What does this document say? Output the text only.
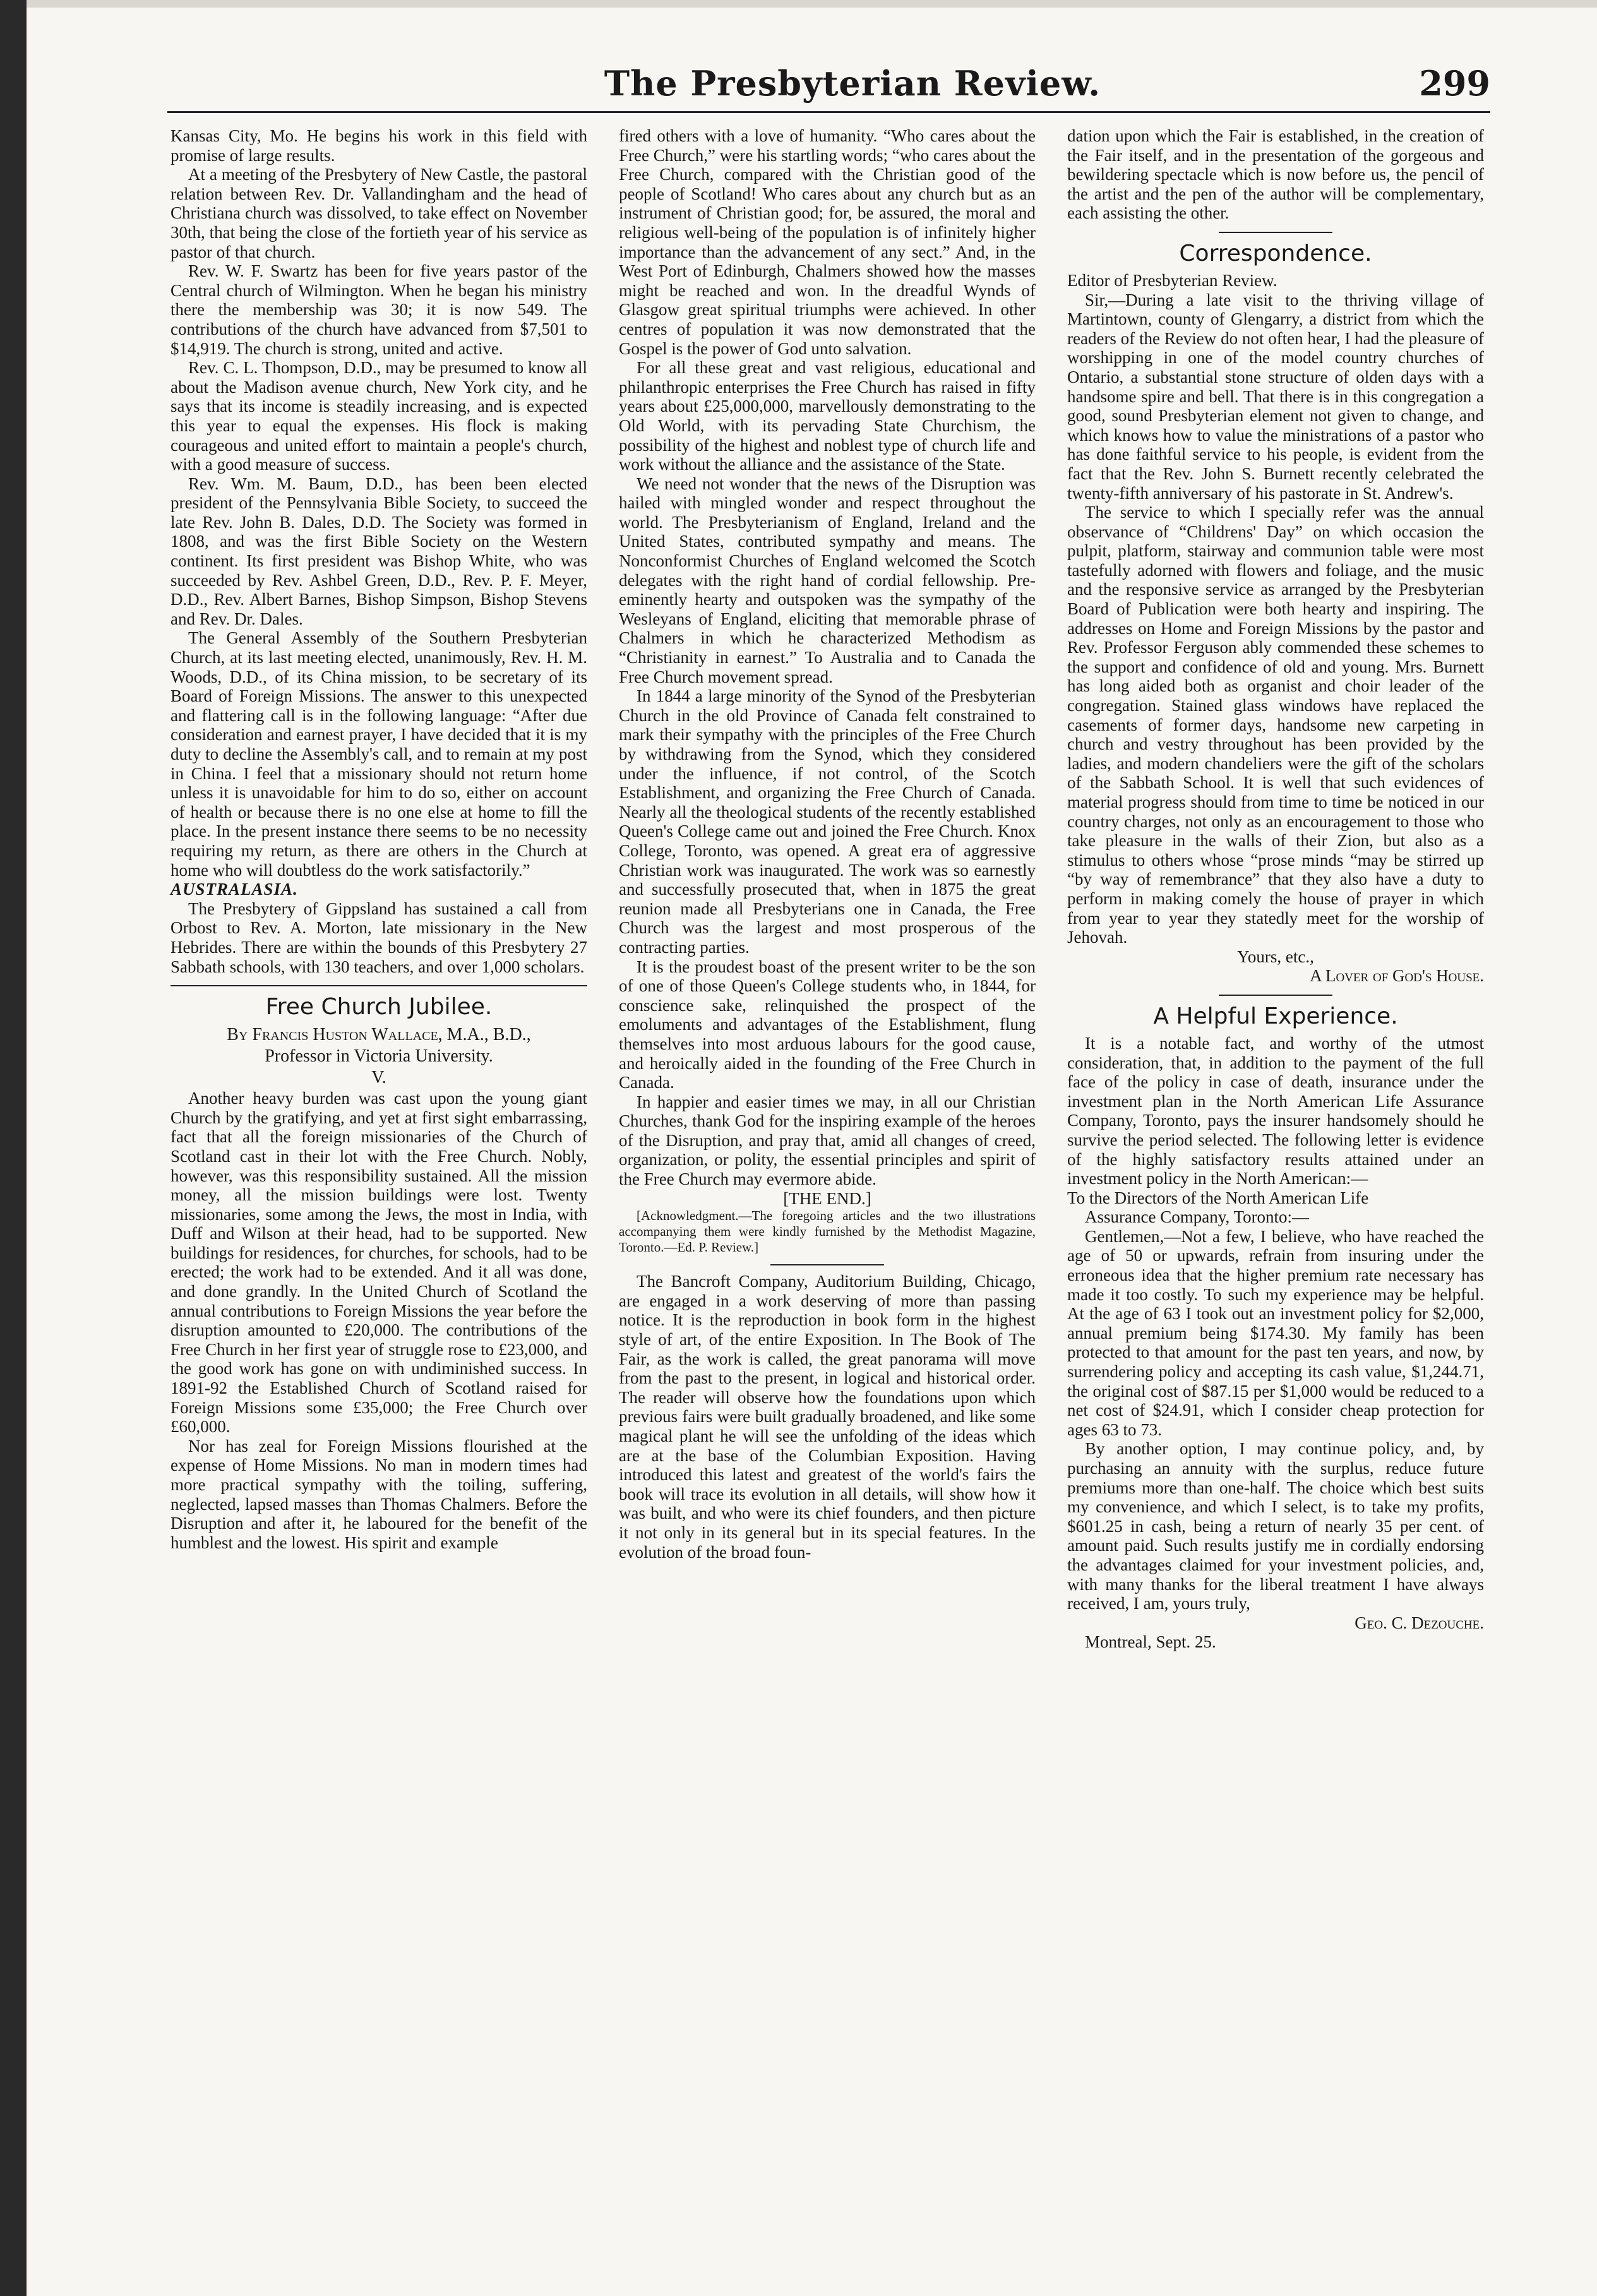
The Presbyterian Review.	299

Kansas City, Mo. He begins his work in this field with promise of large results.

At a meeting of the Presbytery of New Castle, the pastoral relation between Rev. Dr. Vallandingham and the head of Christiana church was dissolved, to take effect on November 30th, that being the close of the fortieth year of his service as pastor of that church.

Rev. W. F. Swartz has been for five years pastor of the Central church of Wilmington. When he began his ministry there the membership was 30; it is now 549. The contributions of the church have advanced from $7,501 to $14,919. The church is strong, united and active.

Rev. C. L. Thompson, D.D., may be presumed to know all about the Madison avenue church, New York city, and he says that its income is steadily increasing, and is expected this year to equal the expenses. His flock is making courageous and united effort to maintain a people's church, with a good measure of success.

Rev. Wm. M. Baum, D.D., has been been elected president of the Pennsylvania Bible Society, to succeed the late Rev. John B. Dales, D.D. The Society was formed in 1808, and was the first Bible Society on the Western continent. Its first president was Bishop White, who was succeeded by Rev. Ashbel Green, D.D., Rev. P. F. Meyer, D.D., Rev. Albert Barnes, Bishop Simpson, Bishop Stevens and Rev. Dr. Dales.

The General Assembly of the Southern Presbyterian Church, at its last meeting elected, unanimously, Rev. H. M. Woods, D.D., of its China mission, to be secretary of its Board of Foreign Missions. The answer to this unexpected and flattering call is in the following language: “After due consideration and earnest prayer, I have decided that it is my duty to decline the Assembly's call, and to remain at my post in China. I feel that a missionary should not return home unless it is unavoidable for him to do so, either on account of health or because there is no one else at home to fill the place. In the present instance there seems to be no necessity requiring my return, as there are others in the Church at home who will doubtless do the work satisfactorily.”

AUSTRALASIA.

The Presbytery of Gippsland has sustained a call from Orbost to Rev. A. Morton, late missionary in the New Hebrides. There are within the bounds of this Presbytery 27 Sabbath schools, with 130 teachers, and over 1,000 scholars.

Free Church Jubilee.
By Francis Huston Wallace, M.A., B.D.,
Professor in Victoria University.
V.

Another heavy burden was cast upon the young giant Church by the gratifying, and yet at first sight embarrassing, fact that all the foreign missionaries of the Church of Scotland cast in their lot with the Free Church. Nobly, however, was this responsibility sustained. All the mission money, all the mission buildings were lost. Twenty missionaries, some among the Jews, the most in India, with Duff and Wilson at their head, had to be supported. New buildings for residences, for churches, for schools, had to be erected; the work had to be extended. And it all was done, and done grandly. In the United Church of Scotland the annual contributions to Foreign Missions the year before the disruption amounted to £20,000. The contributions of the Free Church in her first year of struggle rose to £23,000, and the good work has gone on with undiminished success. In 1891-92 the Established Church of Scotland raised for Foreign Missions some £35,000; the Free Church over £60,000.

Nor has zeal for Foreign Missions flourished at the expense of Home Missions. No man in modern times had more practical sympathy with the toiling, suffering, neglected, lapsed masses than Thomas Chalmers. Before the Disruption and after it, he laboured for the benefit of the humblest and the lowest. His spirit and example

fired others with a love of humanity. “Who cares about the Free Church,” were his startling words; “who cares about the Free Church, compared with the Christian good of the people of Scotland! Who cares about any church but as an instrument of Christian good; for, be assured, the moral and religious well-being of the population is of infinitely higher importance than the advancement of any sect.” And, in the West Port of Edinburgh, Chalmers showed how the masses might be reached and won. In the dreadful Wynds of Glasgow great spiritual triumphs were achieved. In other centres of population it was now demonstrated that the Gospel is the power of God unto salvation.

For all these great and vast religious, educational and philanthropic enterprises the Free Church has raised in fifty years about £25,000,000, marvellously demonstrating to the Old World, with its pervading State Churchism, the possibility of the highest and noblest type of church life and work without the alliance and the assistance of the State.

We need not wonder that the news of the Disruption was hailed with mingled wonder and respect throughout the world. The Presbyterianism of England, Ireland and the United States, contributed sympathy and means. The Nonconformist Churches of England welcomed the Scotch delegates with the right hand of cordial fellowship. Pre-eminently hearty and outspoken was the sympathy of the Wesleyans of England, eliciting that memorable phrase of Chalmers in which he characterized Methodism as “Christianity in earnest.” To Australia and to Canada the Free Church movement spread.

In 1844 a large minority of the Synod of the Presbyterian Church in the old Province of Canada felt constrained to mark their sympathy with the principles of the Free Church by withdrawing from the Synod, which they considered under the influence, if not control, of the Scotch Establishment, and organizing the Free Church of Canada. Nearly all the theological students of the recently established Queen's College came out and joined the Free Church. Knox College, Toronto, was opened. A great era of aggressive Christian work was inaugurated. The work was so earnestly and successfully prosecuted that, when in 1875 the great reunion made all Presbyterians one in Canada, the Free Church was the largest and most prosperous of the contracting parties.

It is the proudest boast of the present writer to be the son of one of those Queen's College students who, in 1844, for conscience sake, relinquished the prospect of the emoluments and advantages of the Establishment, flung themselves into most arduous labours for the good cause, and heroically aided in the founding of the Free Church in Canada.

In happier and easier times we may, in all our Christian Churches, thank God for the inspiring example of the heroes of the Disruption, and pray that, amid all changes of creed, organization, or polity, the essential principles and spirit of the Free Church may evermore abide.

[THE END.]

[Acknowledgment.—The foregoing articles and the two illustrations accompanying them were kindly furnished by the Methodist Magazine, Toronto.—Ed. P. Review.]

The Bancroft Company, Auditorium Building, Chicago, are engaged in a work deserving of more than passing notice. It is the reproduction in book form in the highest style of art, of the entire Exposition. In The Book of The Fair, as the work is called, the great panorama will move from the past to the present, in logical and historical order. The reader will observe how the foundations upon which previous fairs were built gradually broadened, and like some magical plant he will see the unfolding of the ideas which are at the base of the Columbian Exposition. Having introduced this latest and greatest of the world's fairs the book will trace its evolution in all details, will show how it was built, and who were its chief founders, and then picture it not only in its general but in its special features. In the evolution of the broad foun-

dation upon which the Fair is established, in the creation of the Fair itself, and in the presentation of the gorgeous and bewildering spectacle which is now before us, the pencil of the artist and the pen of the author will be complementary, each assisting the other.

Correspondence.

Editor of Presbyterian Review.

Sir,—During a late visit to the thriving village of Martintown, county of Glengarry, a district from which the readers of the Review do not often hear, I had the pleasure of worshipping in one of the model country churches of Ontario, a substantial stone structure of olden days with a handsome spire and bell. That there is in this congregation a good, sound Presbyterian element not given to change, and which knows how to value the ministrations of a pastor who has done faithful service to his people, is evident from the fact that the Rev. John S. Burnett recently celebrated the twenty-fifth anniversary of his pastorate in St. Andrew's.

The service to which I specially refer was the annual observance of “Childrens' Day” on which occasion the pulpit, platform, stairway and communion table were most tastefully adorned with flowers and foliage, and the music and the responsive service as arranged by the Presbyterian Board of Publication were both hearty and inspiring. The addresses on Home and Foreign Missions by the pastor and Rev. Professor Ferguson ably commended these schemes to the support and confidence of old and young. Mrs. Burnett has long aided both as organist and choir leader of the congregation. Stained glass windows have replaced the casements of former days, handsome new carpeting in church and vestry throughout has been provided by the ladies, and modern chandeliers were the gift of the scholars of the Sabbath School. It is well that such evidences of material progress should from time to time be noticed in our country charges, not only as an encouragement to those who take pleasure in the walls of their Zion, but also as a stimulus to others whose “prose minds “may be stirred up “by way of remembrance” that they also have a duty to perform in making comely the house of prayer in which from year to year they statedly meet for the worship of Jehovah.

Yours, etc.,

A Lover of God's House.

A Helpful Experience.

It is a notable fact, and worthy of the utmost consideration, that, in addition to the payment of the full face of the policy in case of death, insurance under the investment plan in the North American Life Assurance Company, Toronto, pays the insurer handsomely should he survive the period selected. The following letter is evidence of the highly satisfactory results attained under an investment policy in the North American:—

To the Directors of the North American Life

Assurance Company, Toronto:—

Gentlemen,—Not a few, I believe, who have reached the age of 50 or upwards, refrain from insuring under the erroneous idea that the higher premium rate necessary has made it too costly. To such my experience may be helpful. At the age of 63 I took out an investment policy for $2,000, annual premium being $174.30. My family has been protected to that amount for the past ten years, and now, by surrendering policy and accepting its cash value, $1,244.71, the original cost of $87.15 per $1,000 would be reduced to a net cost of $24.91, which I consider cheap protection for ages 63 to 73.

By another option, I may continue policy, and, by purchasing an annuity with the surplus, reduce future premiums more than one-half. The choice which best suits my convenience, and which I select, is to take my profits, $601.25 in cash, being a return of nearly 35 per cent. of amount paid. Such results justify me in cordially endorsing the advantages claimed for your investment policies, and, with many thanks for the liberal treatment I have always received, I am, yours truly,

Geo. C. Dezouche.

Montreal, Sept. 25.
